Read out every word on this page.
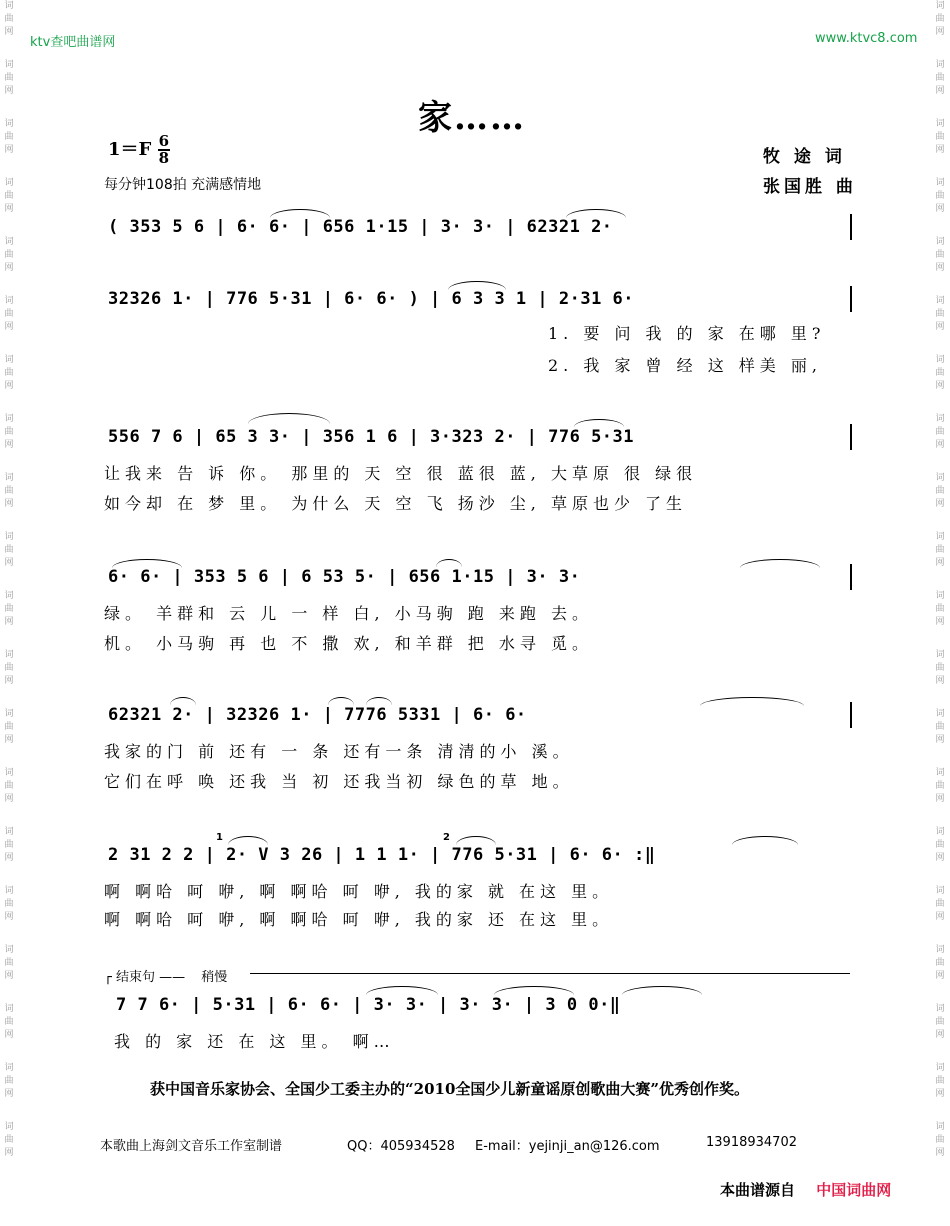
词
曲
网
词
曲
网
词
曲
网
词
曲
网
词
曲
网
词
曲
网
词
曲
网
词
曲
网
词
曲
网
词
曲
网
词
曲
网
词
曲
网
词
曲
网
词
曲
网
词
曲
网
词
曲
网
词
曲
网
词
曲
网
词
曲
网
词
曲
网
词
曲
网
词
曲
网
词
曲
网
词
曲
网
词
曲
网
词
曲
网
词
曲
网
词
曲
网
词
曲
网
词
曲
网
词
曲
网
词
曲
网
词
曲
网
词
曲
网
词
曲
网
词
曲
网
词
曲
网
词
曲
网
词
曲
网
词
曲
网
ktv查吧曲谱网	www.ktvc8.com
家……
$1=F \frac{6}{8}$
每分钟108拍 充满感情地
牧 途 词
张国胜 曲
( 353 5 6 | 6· 6· | 656 1·15 | 3· 3· | 62321 2·
32326 1· | 776 5·31 | 6· 6· ) | 6 3 3 1 | 2·31 6·
1. 要 问 我 的 家 在哪 里?
2. 我 家 曾 经 这 样美 丽,
556 7 6 | 65 3 3· | 356 1 6 | 3·323 2· | 776 5·31
让我来 告 诉 你。 那里的 天 空 很 蓝很 蓝, 大草原 很 绿很
如今却 在 梦 里。 为什么 天 空 飞 扬沙 尘, 草原也少 了生
6· 6· | 353 5 6 | 6 53 5· | 656 1·15 | 3· 3·
绿。 羊群和 云 儿 一 样 白, 小马驹 跑 来跑 去。
机。 小马驹 再 也 不 撒 欢, 和羊群 把 水寻 觅。
62321 2· | 32326 1· | 7776 5331 | 6· 6·
我家的门 前 还有 一 条 还有一条 清清的小 溪。
它们在呼 唤 还我 当 初 还我当初 绿色的草 地。
2 31 2 2 | 2· V 3 26 | 1 1 1· | 776 5·31 | 6· 6· :‖
1	2
啊 啊哈 呵 咿, 啊 啊哈 呵 咿, 我的家 就 在这 里。
啊 啊哈 呵 咿, 啊 啊哈 呵 咿, 我的家 还 在这 里。
┌ 结束句 —— 稍慢
7 7 6· | 5·31 | 6· 6· | 3· 3· | 3· 3· | 3 0 0·‖
我 的 家 还 在 这 里。 啊…
获中国音乐家协会、全国少工委主办的“2010全国少儿新童谣原创歌曲大赛”优秀创作奖。
本歌曲上海剑文音乐工作室制谱	QQ：405934528 E-mail：yejinji_an@126.com	13918934702
本曲谱源自 中国词曲网
